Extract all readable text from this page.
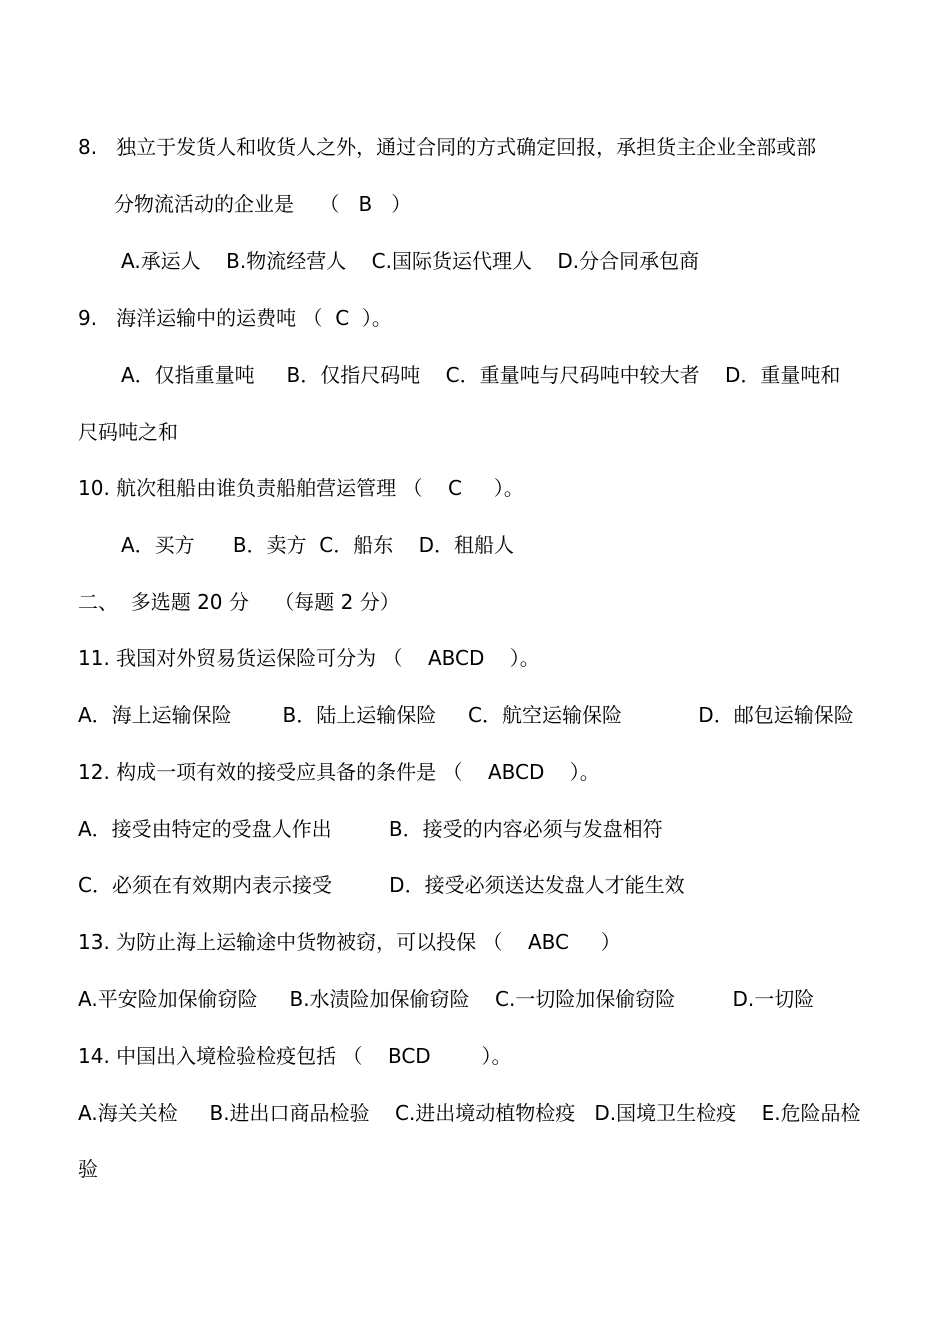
8.   独立于发货人和收货人之外，通过合同的方式确定回报，承担货主企业全部或部
分物流活动的企业是    （   B   ）
A.承运人    B.物流经营人    C.国际货运代理人    D.分合同承包商
9.   海洋运输中的运费吨 （  C  ）。
A．仅指重量吨     B．仅指尺码吨    C．重量吨与尺码吨中较大者    D．重量吨和
尺码吨之和
10. 航次租船由谁负责船舶营运管理 （    C     ）。
A．买方      B．卖方  C．船东    D．租船人
二、  多选题 20 分    （每题 2 分）
11. 我国对外贸易货运保险可分为 （    ABCD    ）。
A．海上运输保险        B．陆上运输保险     C．航空运输保险            D．邮包运输保险
12. 构成一项有效的接受应具备的条件是 （    ABCD    ）。
A．接受由特定的受盘人作出         B．接受的内容必须与发盘相符
C．必须在有效期内表示接受         D．接受必须送达发盘人才能生效
13. 为防止海上运输途中货物被窃，可以投保 （    ABC     ）
A.平安险加保偷窃险     B.水渍险加保偷窃险    C.一切险加保偷窃险         D.一切险
14. 中国出入境检验检疫包括 （    BCD        ）。
A.海关关检     B.进出口商品检验    C.进出境动植物检疫   D.国境卫生检疫    E.危险品检
验
